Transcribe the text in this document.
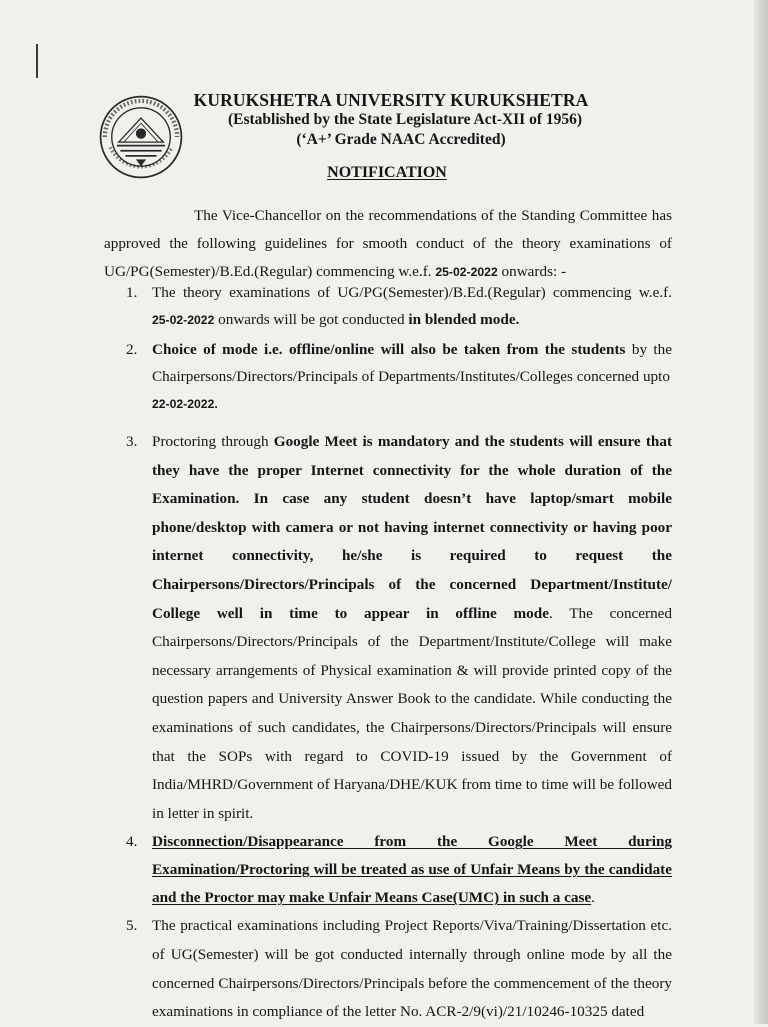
KURUKSHETRA UNIVERSITY KURUKSHETRA
(Established by the State Legislature Act-XII of 1956)
(‘A+’ Grade NAAC Accredited)
NOTIFICATION

The Vice-Chancellor on the recommendations of the Standing Committee has approved the following guidelines for smooth conduct of the theory examinations of UG/PG(Semester)/B.Ed.(Regular) commencing w.e.f. 25-02-2022 onwards: -

1. The theory examinations of UG/PG(Semester)/B.Ed.(Regular) commencing w.e.f. 25-02-2022 onwards will be got conducted in blended mode.
2. Choice of mode i.e. offline/online will also be taken from the students by the Chairpersons/Directors/Principals of Departments/Institutes/Colleges concerned upto
22-02-2022.
3. Proctoring through Google Meet is mandatory and the students will ensure that they have the proper Internet connectivity for the whole duration of the Examination. In case any student doesn’t have laptop/smart mobile phone/desktop with camera or not having internet connectivity or having poor internet connectivity, he/she is required to request the Chairpersons/Directors/Principals of the concerned Department/Institute/ College well in time to appear in offline mode. The concerned Chairpersons/Directors/Principals of the Department/Institute/College will make necessary arrangements of Physical examination & will provide printed copy of the question papers and University Answer Book to the candidate. While conducting the examinations of such candidates, the Chairpersons/Directors/Principals will ensure that the SOPs with regard to COVID-19 issued by the Government of India/MHRD/Government of Haryana/DHE/KUK from time to time will be followed in letter in spirit.
4. Disconnection/Disappearance from the Google Meet during Examination/Proctoring will be treated as use of Unfair Means by the candidate and the Proctor may make Unfair Means Case(UMC) in such a case.
5. The practical examinations including Project Reports/Viva/Training/Dissertation etc. of UG(Semester) will be got conducted internally through online mode by all the concerned Chairpersons/Directors/Principals before the commencement of the theory examinations in compliance of the letter No. ACR-2/9(vi)/21/10246-10325 dated
